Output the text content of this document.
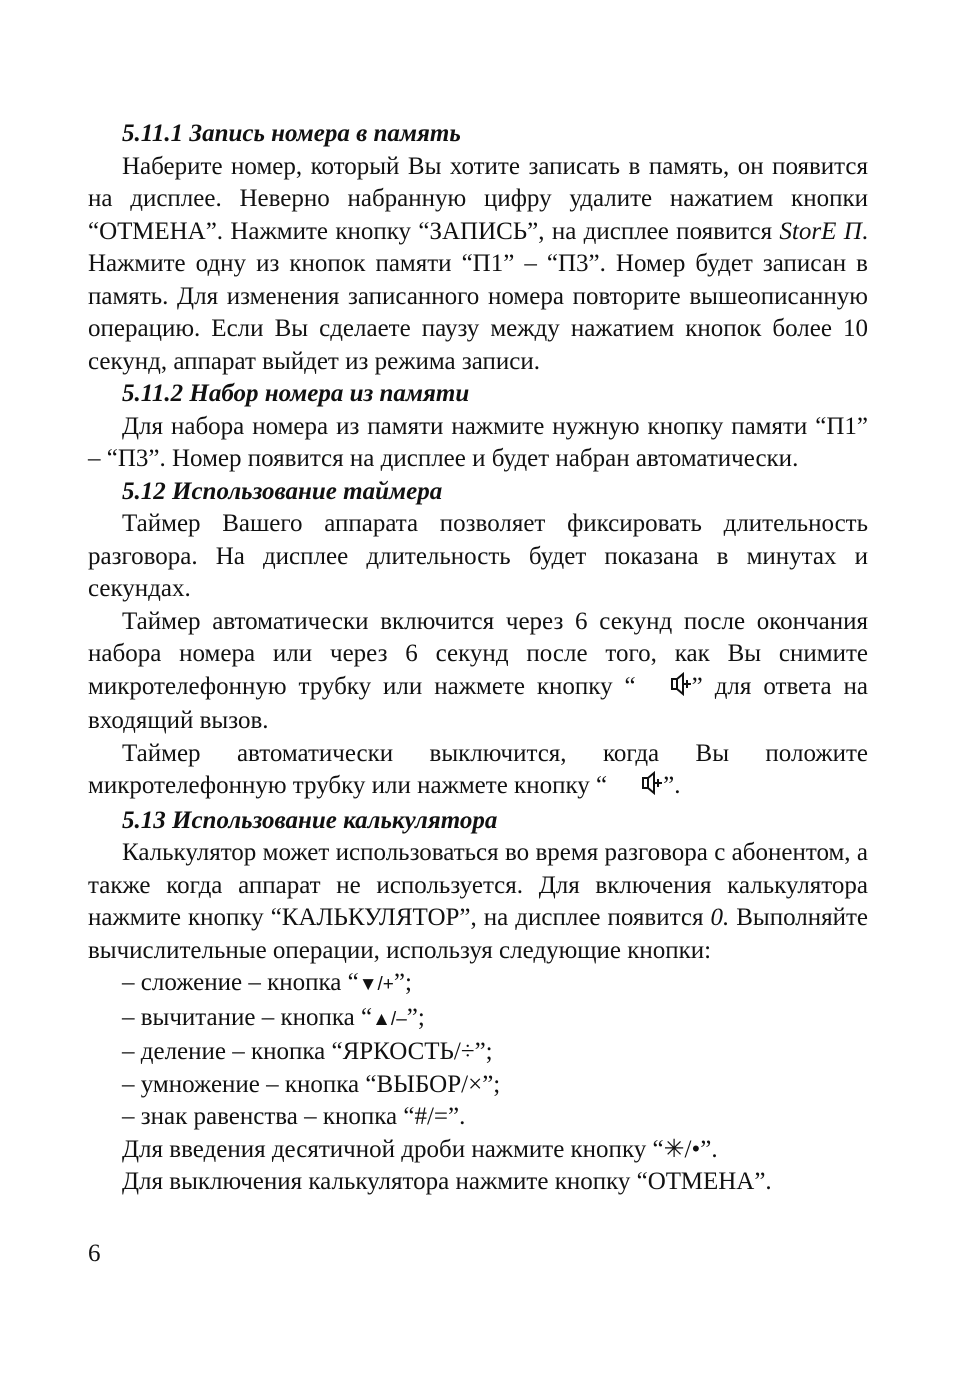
5.11.1 Запись номера в память

Наберите номер, который Вы хотите записать в память, он появится на дисплее. Неверно набранную цифру удалите нажатием кнопки “ОТМЕНА”. Нажмите кнопку “ЗАПИСЬ”, на дисплее появится StorE П. Нажмите одну из кнопок памяти “П1” – “П3”. Номер будет записан в память. Для изменения записанного номера повторите вышеописанную операцию. Если Вы сделаете паузу между нажатием кнопок более 10 секунд, аппарат выйдет из режима записи.

5.11.2 Набор номера из памяти

Для набора номера из памяти нажмите нужную кнопку памяти “П1” – “П3”. Номер появится на дисплее и будет набран автоматически.

5.12 Использование таймера

Таймер Вашего аппарата позволяет фиксировать длительность разговора. На дисплее длительность будет показана в минутах и секундах.

Таймер автоматически включится через 6 секунд после окончания набора номера или через 6 секунд после того, как Вы снимите микротелефонную трубку или нажмете кнопку “ ” для ответа на входящий вызов.

Таймер автоматически выключится, когда Вы положите микротелефонную трубку или нажмете кнопку “ ”.

5.13 Использование калькулятора

Калькулятор может использоваться во время разговора с абонентом, а также когда аппарат не используется. Для включения калькулятора нажмите кнопку “КАЛЬКУЛЯТОР”, на дисплее появится 0. Выполняйте вычислительные операции, используя следующие кнопки:

– сложение – кнопка “▼/+”;

– вычитание – кнопка “▲/–”;

– деление – кнопка “ЯРКОСТЬ/÷”;

– умножение – кнопка “ВЫБОР/×”;

– знак равенства – кнопка “#/=”.

Для введения десятичной дроби нажмите кнопку “✳/•”.

Для выключения калькулятора нажмите кнопку “ОТМЕНА”.

6
